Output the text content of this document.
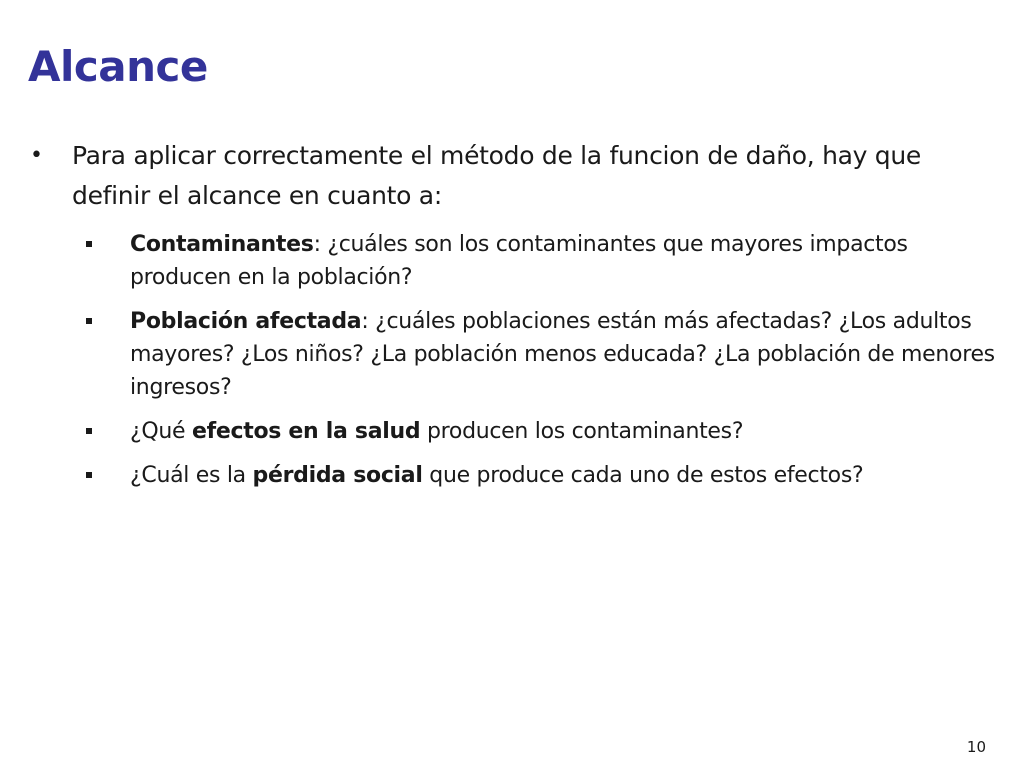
Alcance
• Para aplicar correctamente el método de la funcion de daño, hay que definir el alcance en cuanto a:
Contaminantes: ¿cuáles son los contaminantes que mayores impactos producen en la población?
Población afectada: ¿cuáles poblaciones están más afectadas? ¿Los adultos mayores? ¿Los niños? ¿La población menos educada? ¿La población de menores ingresos?
¿Qué efectos en la salud producen los contaminantes?
¿Cuál es la pérdida social que produce cada uno de estos efectos?
10
